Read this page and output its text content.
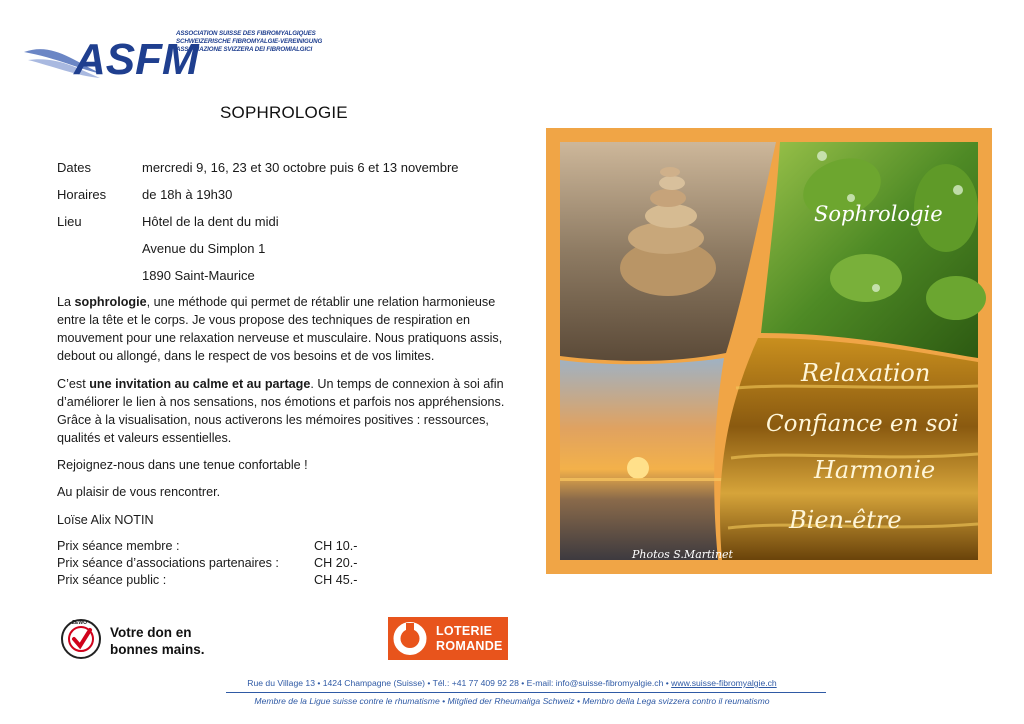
ASFM
ASSOCIATION SUISSE DES FIBROMYALGIQUES
SCHWEIZERISCHE FIBROMYALGIE-VEREINIGUNG
ASSOCIAZIONE SVIZZERA DEI FIBROMIALGICI
SOPHROLOGIE
Dates	mercredi 9, 16, 23 et 30 octobre puis 6 et 13 novembre
Horaires	de 18h à 19h30
Lieu	Hôtel de la dent du midi
Avenue du Simplon 1
1890 Saint-Maurice
La sophrologie, une méthode qui permet de rétablir une relation harmonieuse entre la tête et le corps. Je vous propose des techniques de respiration en mouvement pour une relaxation nerveuse et musculaire. Nous pratiquons assis, debout ou allongé, dans le respect de vos besoins et de vos limites.
C’est une invitation au calme et au partage. Un temps de connexion à soi afin d’améliorer le lien à nos sensations, nos émotions et parfois nos appréhensions. Grâce à la visualisation, nous activerons les mémoires positives : ressources, qualités et valeurs essentielles.
Rejoignez-nous dans une tenue confortable !
Au plaisir de vous rencontrer.
Loïse Alix NOTIN
Prix séance membre :	CH 10.-
Prix séance d’associations partenaires :	CH 20.-
Prix séance public :	CH 45.-
Sophrologie
Relaxation
Confiance en soi
Harmonie
Bien-être
Photos S.Martinet
ZEWO
Votre don en
bonnes mains.
LOTERIE
ROMANDE
Rue du Village 13 • 1424 Champagne (Suisse) • Tél.: +41 77 409 92 28 • E-mail: info@suisse-fibromyalgie.ch • www.suisse-fibromyalgie.ch
Membre de la Ligue suisse contre le rhumatisme • Mitglied der Rheumaliga Schweiz • Membro della Lega svizzera contro il reumatismo
